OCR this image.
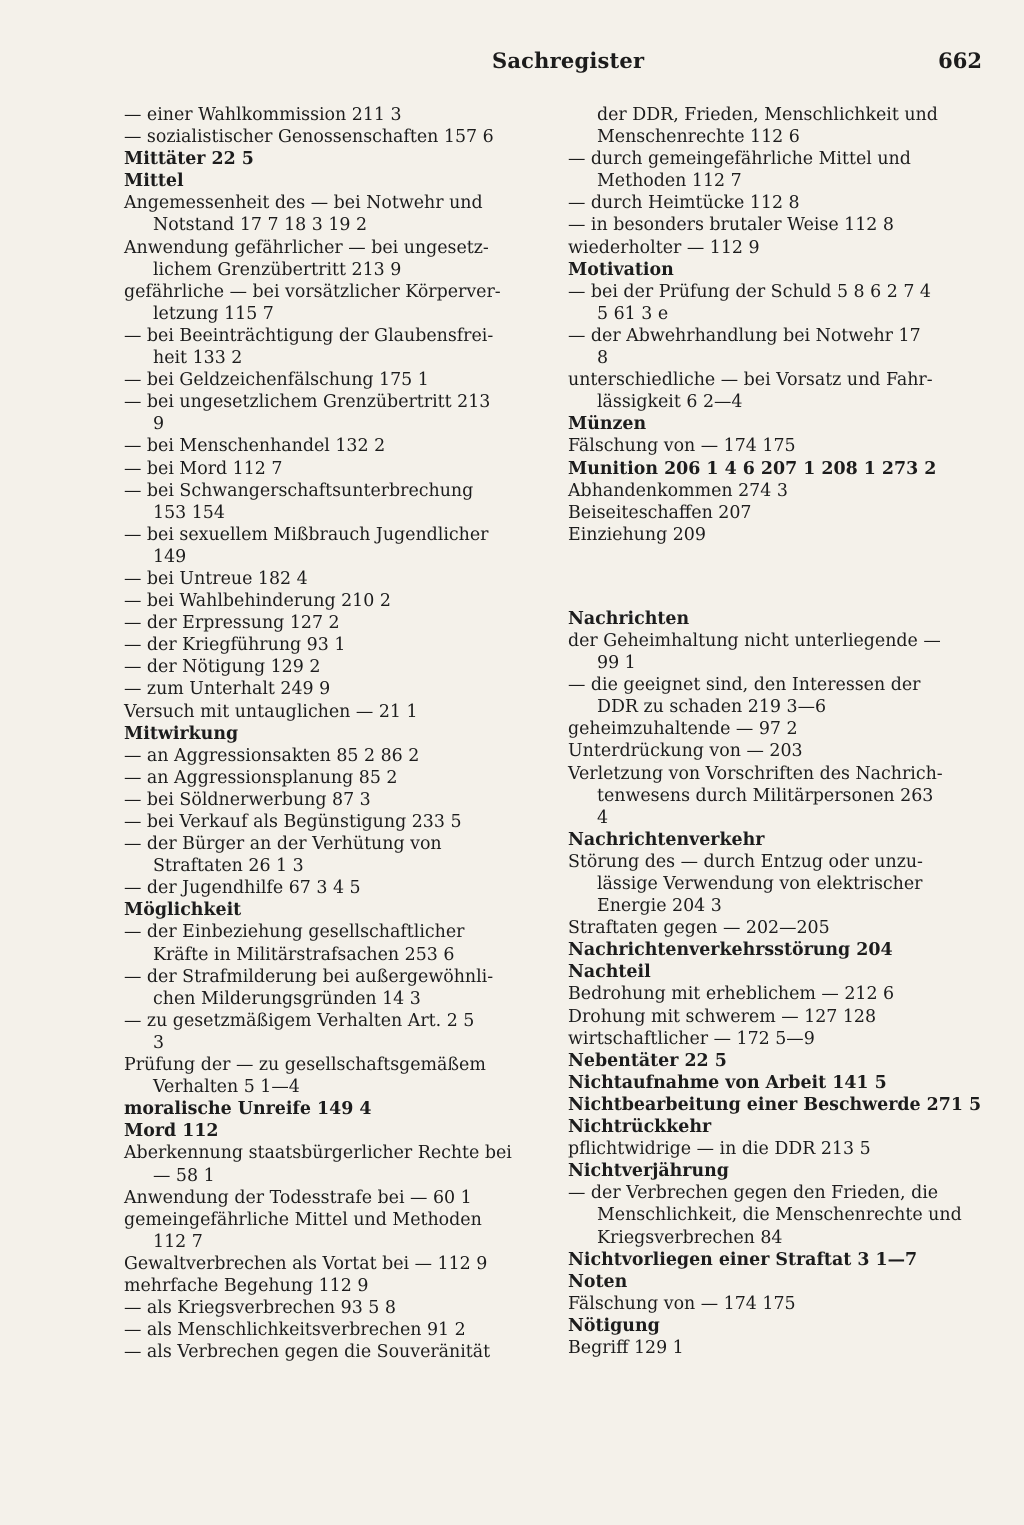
Sachregister	662
— einer Wahlkommission 211 3
— sozialistischer Genossenschaften 157 6
Mittäter 22 5
Mittel
Angemessenheit des — bei Notwehr und
Notstand 17 7 18 3 19 2
Anwendung gefährlicher — bei ungesetz-
lichem Grenzübertritt 213 9
gefährliche — bei vorsätzlicher Körperver-
letzung 115 7
— bei Beeinträchtigung der Glaubensfrei-
heit 133 2
— bei Geldzeichenfälschung 175 1
— bei ungesetzlichem Grenzübertritt 213
9
— bei Menschenhandel 132 2
— bei Mord 112 7
— bei Schwangerschaftsunterbrechung
153 154
— bei sexuellem Mißbrauch Jugendlicher
149
— bei Untreue 182 4
— bei Wahlbehinderung 210 2
— der Erpressung 127 2
— der Kriegführung 93 1
— der Nötigung 129 2
— zum Unterhalt 249 9
Versuch mit untauglichen — 21 1
Mitwirkung
— an Aggressionsakten 85 2 86 2
— an Aggressionsplanung 85 2
— bei Söldnerwerbung 87 3
— bei Verkauf als Begünstigung 233 5
— der Bürger an der Verhütung von
Straftaten 26 1 3
— der Jugendhilfe 67 3 4 5
Möglichkeit
— der Einbeziehung gesellschaftlicher
Kräfte in Militärstrafsachen 253 6
— der Strafmilderung bei außergewöhnli-
chen Milderungsgründen 14 3
— zu gesetzmäßigem Verhalten Art. 2 5
3
Prüfung der — zu gesellschaftsgemäßem
Verhalten 5 1—4
moralische Unreife 149 4
Mord 112
Aberkennung staatsbürgerlicher Rechte bei
— 58 1
Anwendung der Todesstrafe bei — 60 1
gemeingefährliche Mittel und Methoden
112 7
Gewaltverbrechen als Vortat bei — 112 9
mehrfache Begehung 112 9
— als Kriegsverbrechen 93 5 8
— als Menschlichkeitsverbrechen 91 2
— als Verbrechen gegen die Souveränität
der DDR, Frieden, Menschlichkeit und
Menschenrechte 112 6
— durch gemeingefährliche Mittel und
Methoden 112 7
— durch Heimtücke 112 8
— in besonders brutaler Weise 112 8
wiederholter — 112 9
Motivation
— bei der Prüfung der Schuld 5 8 6 2 7 4
5 61 3 e
— der Abwehrhandlung bei Notwehr 17
8
unterschiedliche — bei Vorsatz und Fahr-
lässigkeit 6 2—4
Münzen
Fälschung von — 174 175
Munition 206 1 4 6 207 1 208 1 273 2
Abhandenkommen 274 3
Beiseiteschaffen 207
Einziehung 209
Nachrichten
der Geheimhaltung nicht unterliegende —
99 1
— die geeignet sind, den Interessen der
DDR zu schaden 219 3—6
geheimzuhaltende — 97 2
Unterdrückung von — 203
Verletzung von Vorschriften des Nachrich-
tenwesens durch Militärpersonen 263
4
Nachrichtenverkehr
Störung des — durch Entzug oder unzu-
lässige Verwendung von elektrischer
Energie 204 3
Straftaten gegen — 202—205
Nachrichtenverkehrsstörung 204
Nachteil
Bedrohung mit erheblichem — 212 6
Drohung mit schwerem — 127 128
wirtschaftlicher — 172 5—9
Nebentäter 22 5
Nichtaufnahme von Arbeit 141 5
Nichtbearbeitung einer Beschwerde 271 5
Nichtrückkehr
pflichtwidrige — in die DDR 213 5
Nichtverjährung
— der Verbrechen gegen den Frieden, die
Menschlichkeit, die Menschenrechte und
Kriegsverbrechen 84
Nichtvorliegen einer Straftat 3 1—7
Noten
Fälschung von — 174 175
Nötigung
Begriff 129 1
